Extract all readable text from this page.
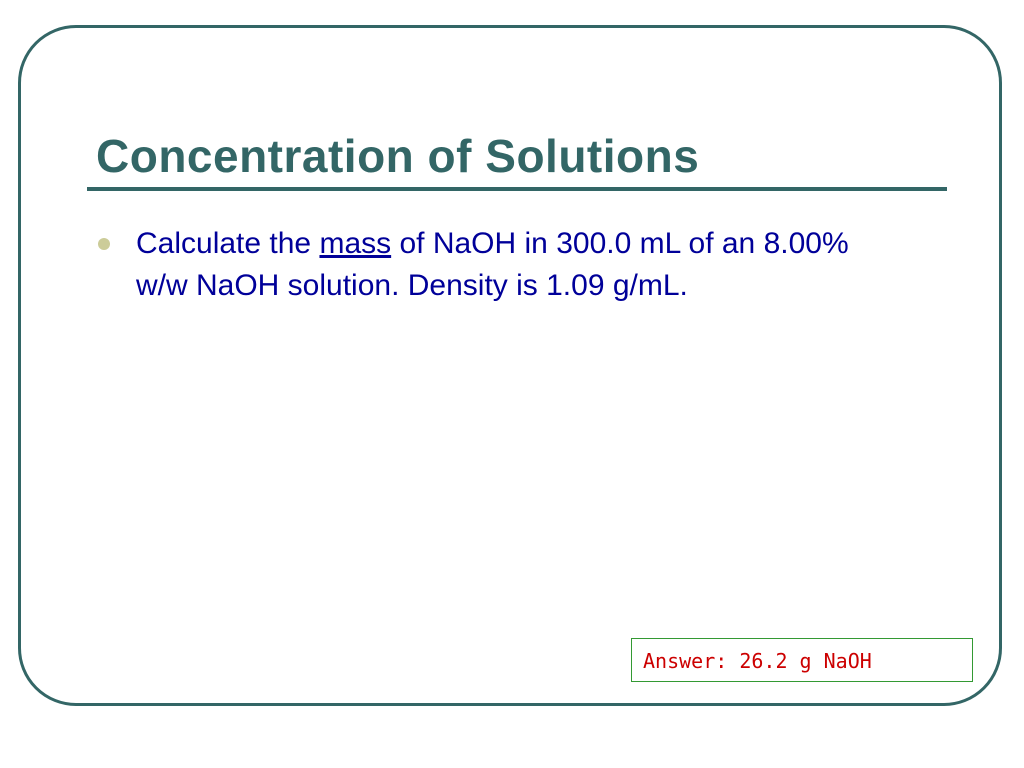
Concentration of Solutions
Calculate the mass of NaOH in 300.0 mL of an 8.00% w/w NaOH solution. Density is 1.09 g/mL.
Answer: 26.2 g NaOH
